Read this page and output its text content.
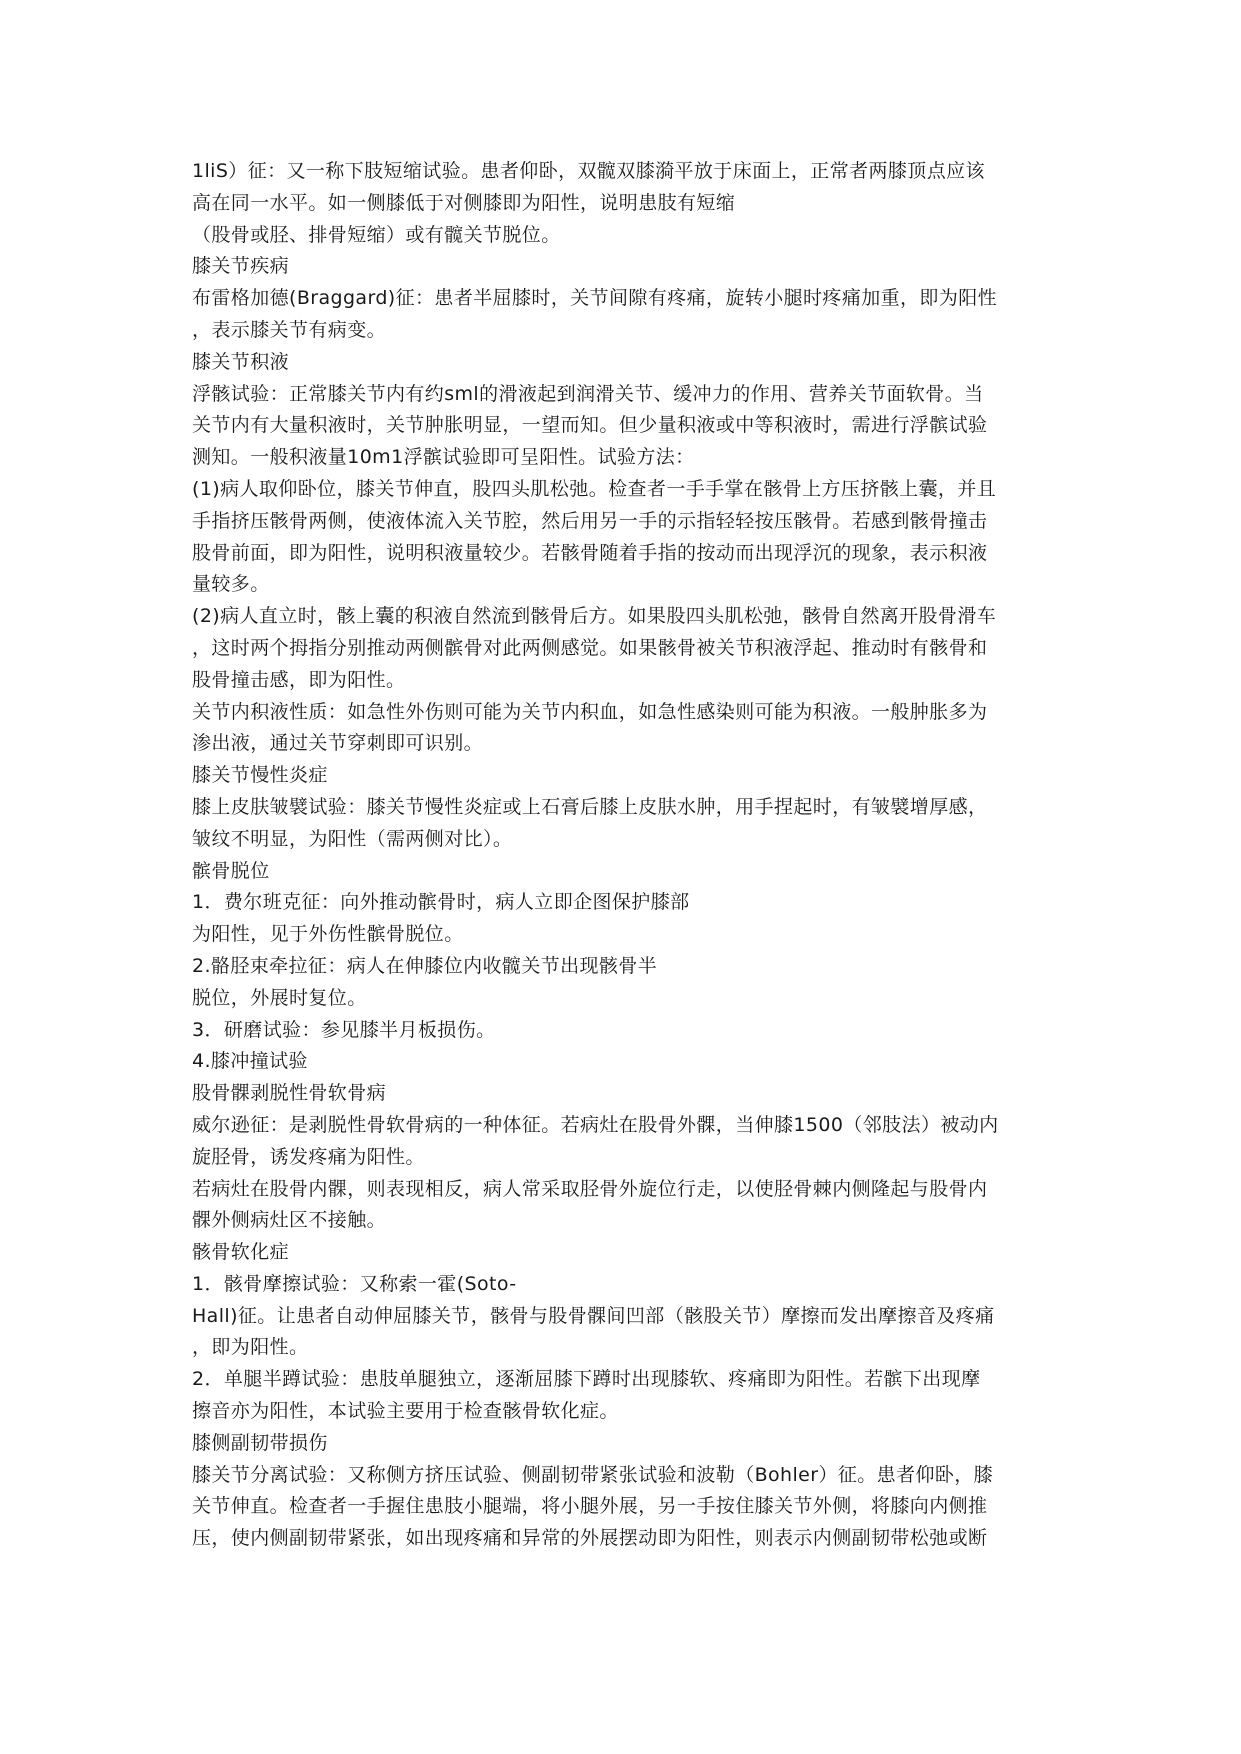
1liS）征：又一称下肢短缩试验。患者仰卧，双髋双膝漪平放于床面上，正常者两膝顶点应该
高在同一水平。如一侧膝低于对侧膝即为阳性，说明患肢有短缩
（股骨或胫、排骨短缩）或有髋关节脱位。
膝关节疾病
布雷格加德(Braggard)征：患者半屈膝时，关节间隙有疼痛，旋转小腿时疼痛加重，即为阳性
，表示膝关节有病变。
膝关节积液
浮骸试验：正常膝关节内有约sml的滑液起到润滑关节、缓冲力的作用、营养关节面软骨。当
关节内有大量积液时，关节肿胀明显，一望而知。但少量积液或中等积液时，需进行浮髌试验
测知。一般积液量10m1浮髌试验即可呈阳性。试验方法：
(1)病人取仰卧位，膝关节伸直，股四头肌松弛。检查者一手手掌在骸骨上方压挤骸上囊，并且
手指挤压骸骨两侧，使液体流入关节腔，然后用另一手的示指轻轻按压骸骨。若感到骸骨撞击
股骨前面，即为阳性，说明积液量较少。若骸骨随着手指的按动而出现浮沉的现象，表示积液
量较多。
(2)病人直立时，骸上囊的积液自然流到骸骨后方。如果股四头肌松弛，骸骨自然离开股骨滑车
，这时两个拇指分别推动两侧髌骨对此两侧感觉。如果骸骨被关节积液浮起、推动时有骸骨和
股骨撞击感，即为阳性。
关节内积液性质：如急性外伤则可能为关节内积血，如急性感染则可能为积液。一般肿胀多为
渗出液，通过关节穿刺即可识别。
膝关节慢性炎症
膝上皮肤皱襞试验：膝关节慢性炎症或上石膏后膝上皮肤水肿，用手捏起时，有皱襞增厚感，
皱纹不明显，为阳性（需两侧对比）。
髌骨脱位
1．费尔班克征：向外推动髌骨时，病人立即企图保护膝部
为阳性，见于外伤性髌骨脱位。
2.骼胫束牵拉征：病人在伸膝位内收髋关节出现骸骨半
脱位，外展时复位。
3．研磨试验：参见膝半月板损伤。
4.膝冲撞试验
股骨髁剥脱性骨软骨病
威尔逊征：是剥脱性骨软骨病的一种体征。若病灶在股骨外髁，当伸膝1500（邻肢法）被动内
旋胫骨，诱发疼痛为阳性。
若病灶在股骨内髁，则表现相反，病人常采取胫骨外旋位行走，以使胫骨棘内侧隆起与股骨内
髁外侧病灶区不接触。
骸骨软化症
1．骸骨摩擦试验：又称索一霍(Soto-
Hall)征。让患者自动伸屈膝关节，骸骨与股骨髁间凹部（骸股关节）摩擦而发出摩擦音及疼痛
，即为阳性。
2．单腿半蹲试验：患肢单腿独立，逐渐屈膝下蹲时出现膝软、疼痛即为阳性。若髌下出现摩
擦音亦为阳性，本试验主要用于检查骸骨软化症。
膝侧副韧带损伤
膝关节分离试验：又称侧方挤压试验、侧副韧带紧张试验和波勒（Bohler）征。患者仰卧，膝
关节伸直。检查者一手握住患肢小腿端，将小腿外展，另一手按住膝关节外侧，将膝向内侧推
压，使内侧副韧带紧张，如出现疼痛和异常的外展摆动即为阳性，则表示内侧副韧带松弛或断
